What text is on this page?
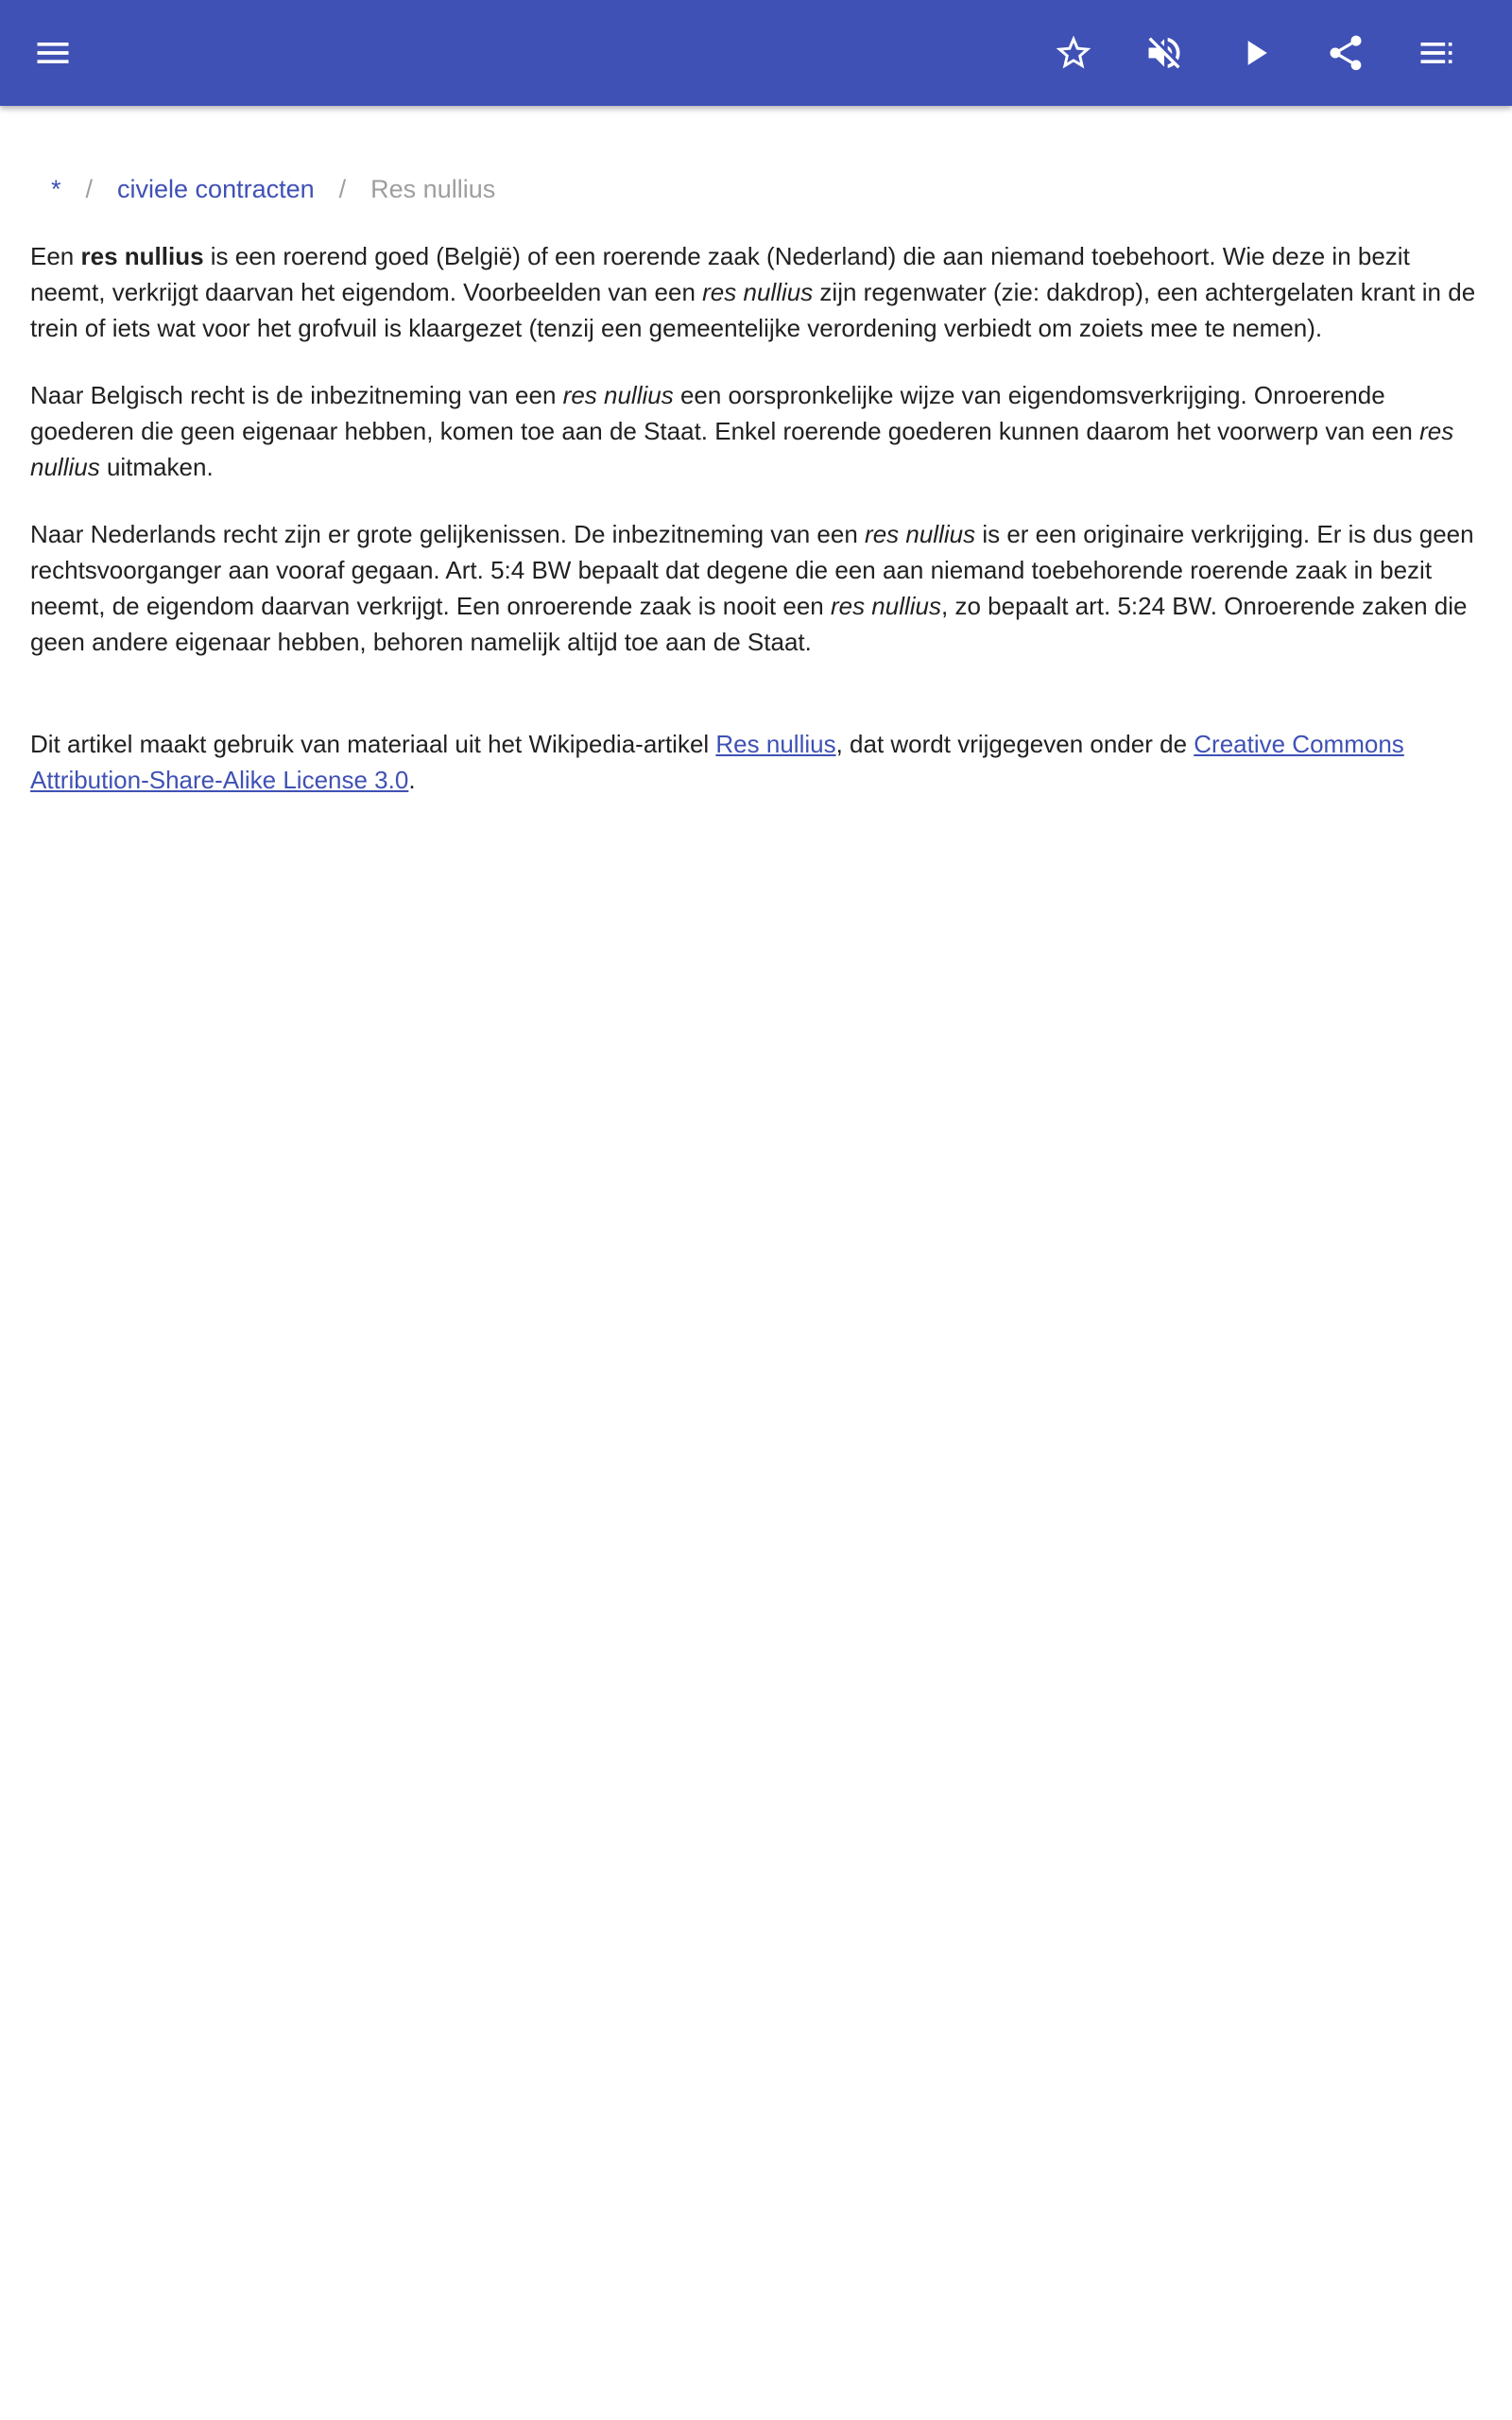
* / civiele contracten / Res nullius

Een res nullius is een roerend goed (België) of een roerende zaak (Nederland) die aan niemand toebehoort. Wie deze in bezit neemt, verkrijgt daarvan het eigendom. Voorbeelden van een res nullius zijn regenwater (zie: dakdrop), een achtergelaten krant in de trein of iets wat voor het grofvuil is klaargezet (tenzij een gemeentelijke verordening verbiedt om zoiets mee te nemen).

Naar Belgisch recht is de inbezitneming van een res nullius een oorspronkelijke wijze van eigendomsverkrijging. Onroerende goederen die geen eigenaar hebben, komen toe aan de Staat. Enkel roerende goederen kunnen daarom het voorwerp van een res nullius uitmaken.

Naar Nederlands recht zijn er grote gelijkenissen. De inbezitneming van een res nullius is er een originaire verkrijging. Er is dus geen rechtsvoorganger aan vooraf gegaan. Art. 5:4 BW bepaalt dat degene die een aan niemand toebehorende roerende zaak in bezit neemt, de eigendom daarvan verkrijgt. Een onroerende zaak is nooit een res nullius, zo bepaalt art. 5:24 BW. Onroerende zaken die geen andere eigenaar hebben, behoren namelijk altijd toe aan de Staat.

Dit artikel maakt gebruik van materiaal uit het Wikipedia-artikel Res nullius, dat wordt vrijgegeven onder de Creative Commons Attribution-Share-Alike License 3.0.
